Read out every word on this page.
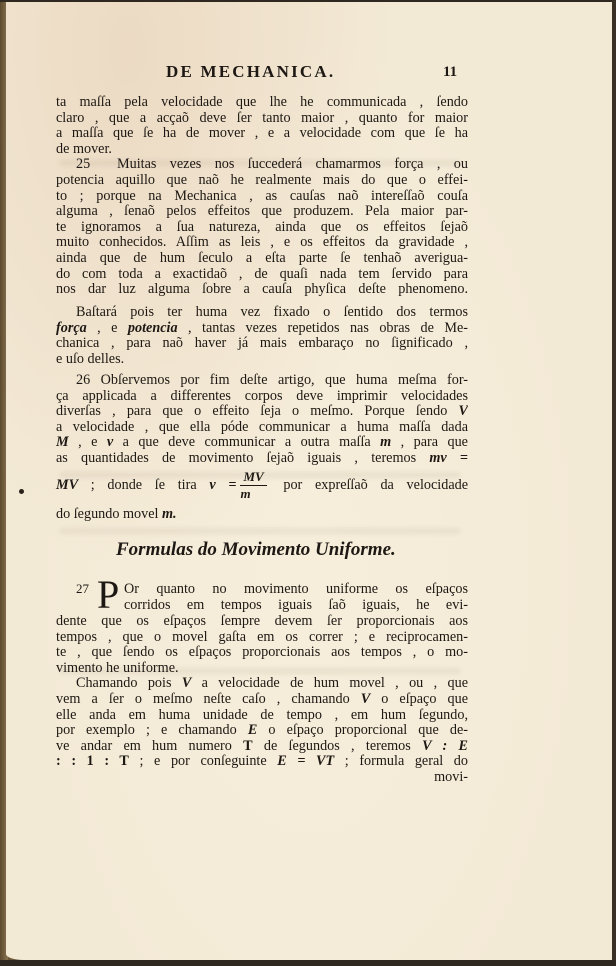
DE MECHANICA.	11
ta maſſa pela velocidade que lhe he communicada , ſendo
claro , que a acçaõ deve ſer tanto maior , quanto for maior
a maſſa que ſe ha de mover , e a velocidade com que ſe ha
de mover.
25 Muitas vezes nos ſuccederá chamarmos força , ou
potencia aquillo que naõ he realmente mais do que o effei-
to ; porque na Mechanica , as cauſas naõ intereſſaõ couſa
alguma , ſenaõ pelos effeitos que produzem. Pela maior par-
te ignoramos a ſua natureza, ainda que os effeitos ſejaõ
muito conhecidos. Aſſim as leis , e os effeitos da gravidade ,
ainda que de hum ſeculo a eſta parte ſe tenhaõ averigua-
do com toda a exactidaõ , de quaſi nada tem ſervido para
nos dar luz alguma ſobre a cauſa phyſica deſte phenomeno.
Baſtará pois ter huma vez fixado o ſentido dos termos
força , e potencia , tantas vezes repetidos nas obras de Me-
chanica , para naõ haver já mais embaraço no ſignificado ,
e uſo delles.
26 Obſervemos por fim deſte artigo, que huma meſma for-
ça applicada a differentes corpos deve imprimir velocidades
diverſas , para que o effeito ſeja o meſmo. Porque ſendo V
a velocidade , que ella póde communicar a huma maſſa dada
M , e v a que deve communicar a outra maſſa m , para que
as quantidades de movimento ſejaõ iguais , teremos mv =
MV ; donde ſe tira $v = \frac{MV}{m}$ por expreſſaõ da velocidade
do ſegundo movel m.
Formulas do Movimento Uniforme.
27 P Or quanto no movimento uniforme os eſpaços
corridos em tempos iguais ſaõ iguais, he evi-
dente que os eſpaços ſempre devem ſer proporcionais aos
tempos , que o movel gaſta em os correr ; e reciprocamen-
te , que ſendo os eſpaços proporcionais aos tempos , o mo-
vimento he uniforme.
Chamando pois V a velocidade de hum movel , ou , que
vem a ſer o meſmo neſte caſo , chamando V o eſpaço que
elle anda em huma unidade de tempo , em hum ſegundo,
por exemplo ; e chamando E o eſpaço proporcional que de-
ve andar em hum numero T de ſegundos , teremos V : E
: : 1 : T ; e por conſeguinte E = VT ; formula geral do
movi-
